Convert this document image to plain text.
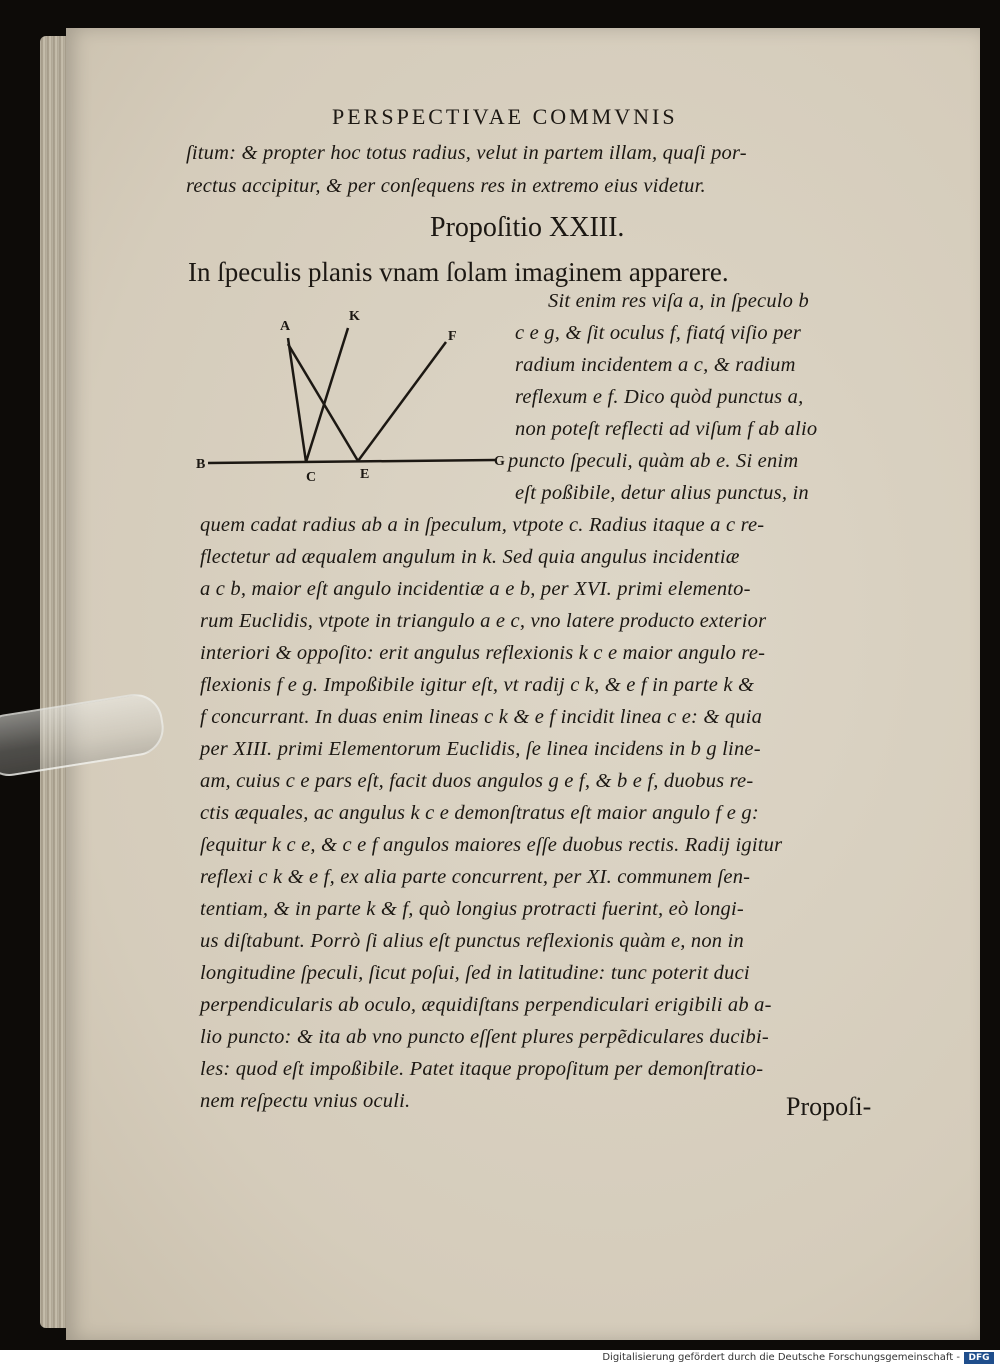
PERSPECTIVAE COMMVNIS
ſitum: & propter hoc totus radius, velut in partem illam, quaſi por-
rectus accipitur, & per conſequens res in extremo eius videtur.
Propoſitio XXIII.
In ſpeculis planis vnam ſolam imaginem apparere.
A
K
F
B
C	E
G
Sit enim res viſa a, in ſpeculo b
c e g, & ſit oculus f, fiatq́ viſio per
radium incidentem a c, & radium
reflexum e f. Dico quòd punctus a,
non poteſt reflecti ad viſum f ab alio
puncto ſpeculi, quàm ab e. Si enim
eſt poßibile, detur alius punctus, in
quem cadat radius ab a in ſpeculum, vtpote c. Radius itaque a c re-
flectetur ad æqualem angulum in k. Sed quia angulus incidentiæ
a c b, maior eſt angulo incidentiæ a e b, per XVI. primi elemento-
rum Euclidis, vtpote in triangulo a e c, vno latere producto exterior
interiori & oppoſito: erit angulus reflexionis k c e maior angulo re-
flexionis f e g. Impoßibile igitur eſt, vt radij c k, & e f in parte k &
f concurrant. In duas enim lineas c k & e f incidit linea c e: & quia
per XIII. primi Elementorum Euclidis, ſe linea incidens in b g line-
am, cuius c e pars eſt, facit duos angulos g e f, & b e f, duobus re-
ctis æquales, ac angulus k c e demonſtratus eſt maior angulo f e g:
ſequitur k c e, & c e f angulos maiores eſſe duobus rectis. Radij igitur
reflexi c k & e f, ex alia parte concurrent, per XI. communem ſen-
tentiam, & in parte k & f, quò longius protracti fuerint, eò longi-
us diſtabunt. Porrò ſi alius eſt punctus reflexionis quàm e, non in
longitudine ſpeculi, ſicut poſui, ſed in latitudine: tunc poterit duci
perpendicularis ab oculo, æquidiſtans perpendiculari erigibili ab a-
lio puncto: & ita ab vno puncto eſſent plures perpẽdiculares ducibi-
les: quod eſt impoßibile. Patet itaque propoſitum per demonſtratio-
nem reſpectu vnius oculi.	Propoſi-
Digitalisierung gefördert durch die Deutsche Forschungsgemeinschaft - DFG
